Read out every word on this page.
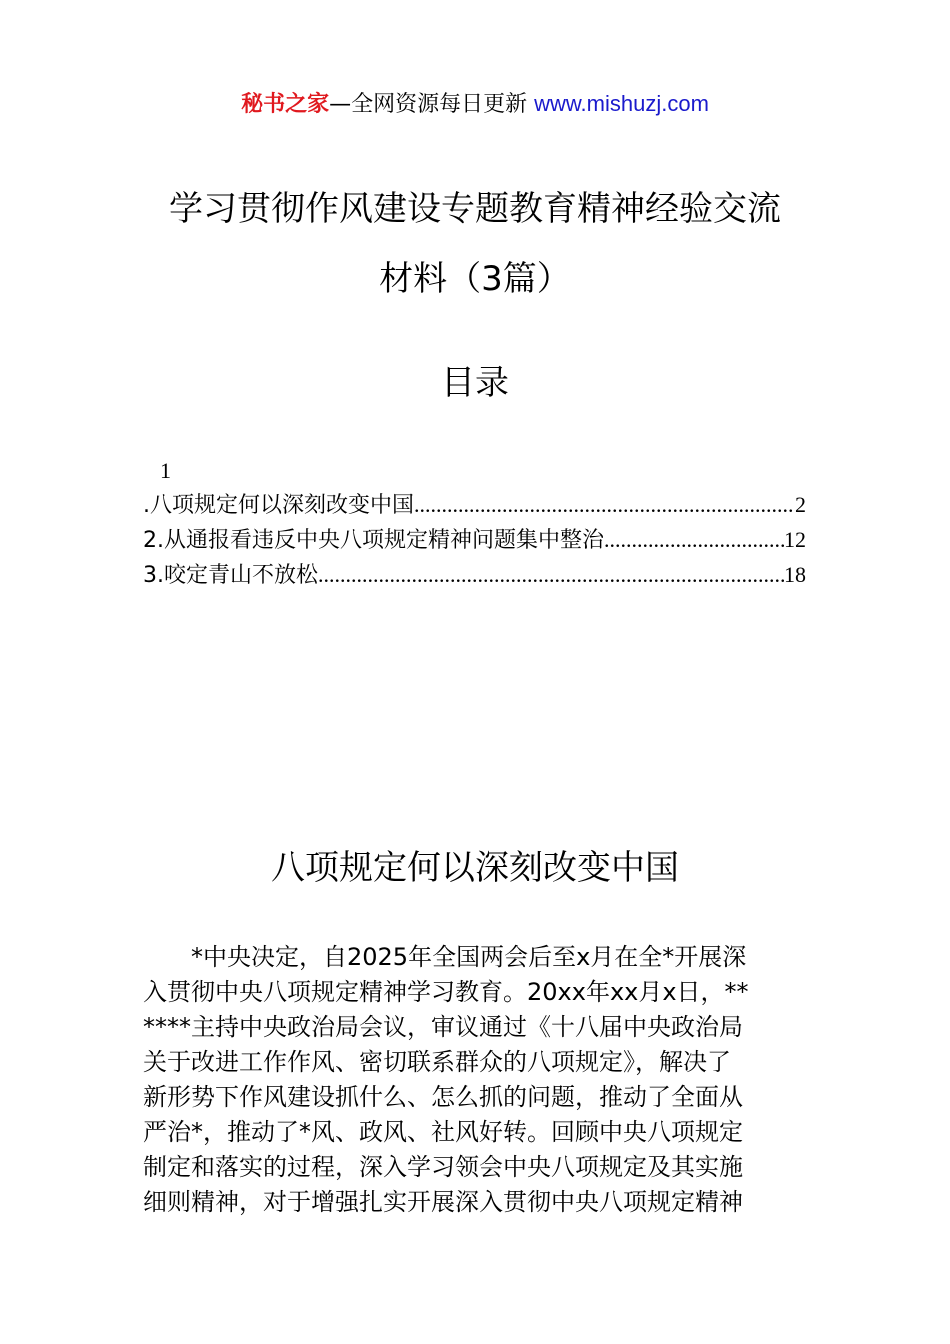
秘书之家—全网资源每日更新 www.mishuzj.com
学习贯彻作风建设专题教育精神经验交流
材料（3篇）
目录
1
.八项规定何以深刻改变中国 .....	2
2.从通报看违反中央八项规定精神问题集中整治 .....	12
3.咬定青山不放松 .....	18
八项规定何以深刻改变中国
　　*中央决定，自2025年全国两会后至x月在全*开展深
入贯彻中央八项规定精神学习教育。20xx年xx月x日，**
****主持中央政治局会议，审议通过《十八届中央政治局
关于改进工作作风、密切联系群众的八项规定》，解决了
新形势下作风建设抓什么、怎么抓的问题，推动了全面从
严治*，推动了*风、政风、社风好转。回顾中央八项规定
制定和落实的过程，深入学习领会中央八项规定及其实施
细则精神，对于增强扎实开展深入贯彻中央八项规定精神
